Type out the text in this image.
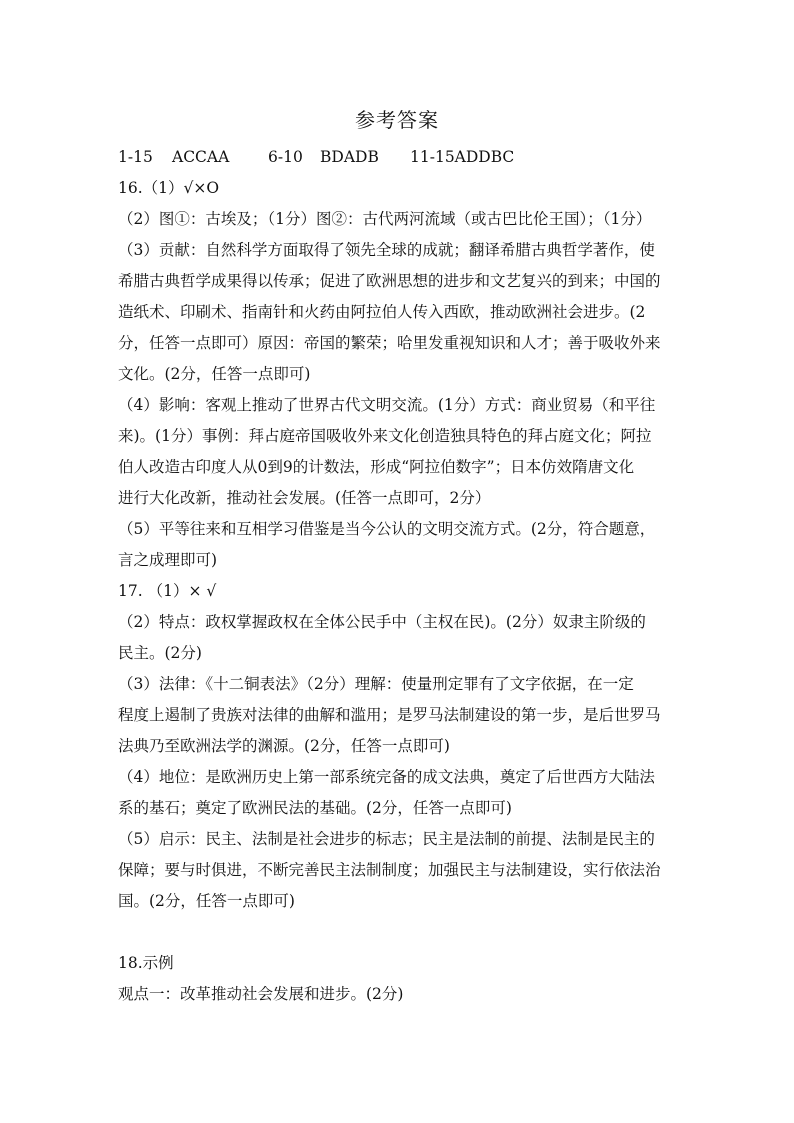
参考答案
1-15 ACCAA 6-10 BDADB 11-15ADDBC
16.（1）√×O
（2）图①：古埃及；（1分）图②：古代两河流域（或古巴比伦王国）；（1分）
（3）贡献：自然科学方面取得了领先全球的成就；翻译希腊古典哲学著作，使
希腊古典哲学成果得以传承；促进了欧洲思想的进步和文艺复兴的到来；中国的
造纸术、印刷术、指南针和火药由阿拉伯人传入西欧，推动欧洲社会进步。(2
分，任答一点即可）原因：帝国的繁荣；哈里发重视知识和人才；善于吸收外来
文化。(2分，任答一点即可)
（4）影响：客观上推动了世界古代文明交流。(1分）方式：商业贸易（和平往
来)。(1分）事例：拜占庭帝国吸收外来文化创造独具特色的拜占庭文化；阿拉
伯人改造古印度人从0到9的计数法，形成“阿拉伯数字”；日本仿效隋唐文化
进行大化改新，推动社会发展。(任答一点即可，2分）
（5）平等往来和互相学习借鉴是当今公认的文明交流方式。(2分，符合题意，
言之成理即可)
17. （1）× √
（2）特点：政权掌握政权在全体公民手中（主权在民)。(2分）奴隶主阶级的
民主。(2分)
（3）法律：《十二铜表法》（2分）理解：使量刑定罪有了文字依据，在一定
程度上遏制了贵族对法律的曲解和滥用；是罗马法制建设的第一步，是后世罗马
法典乃至欧洲法学的渊源。(2分，任答一点即可)
（4）地位：是欧洲历史上第一部系统完备的成文法典，奠定了后世西方大陆法
系的基石；奠定了欧洲民法的基础。(2分，任答一点即可)
（5）启示：民主、法制是社会进步的标志；民主是法制的前提、法制是民主的
保障；要与时俱进，不断完善民主法制制度；加强民主与法制建设，实行依法治
国。(2分，任答一点即可)
18.示例
观点一：改革推动社会发展和进步。(2分)
